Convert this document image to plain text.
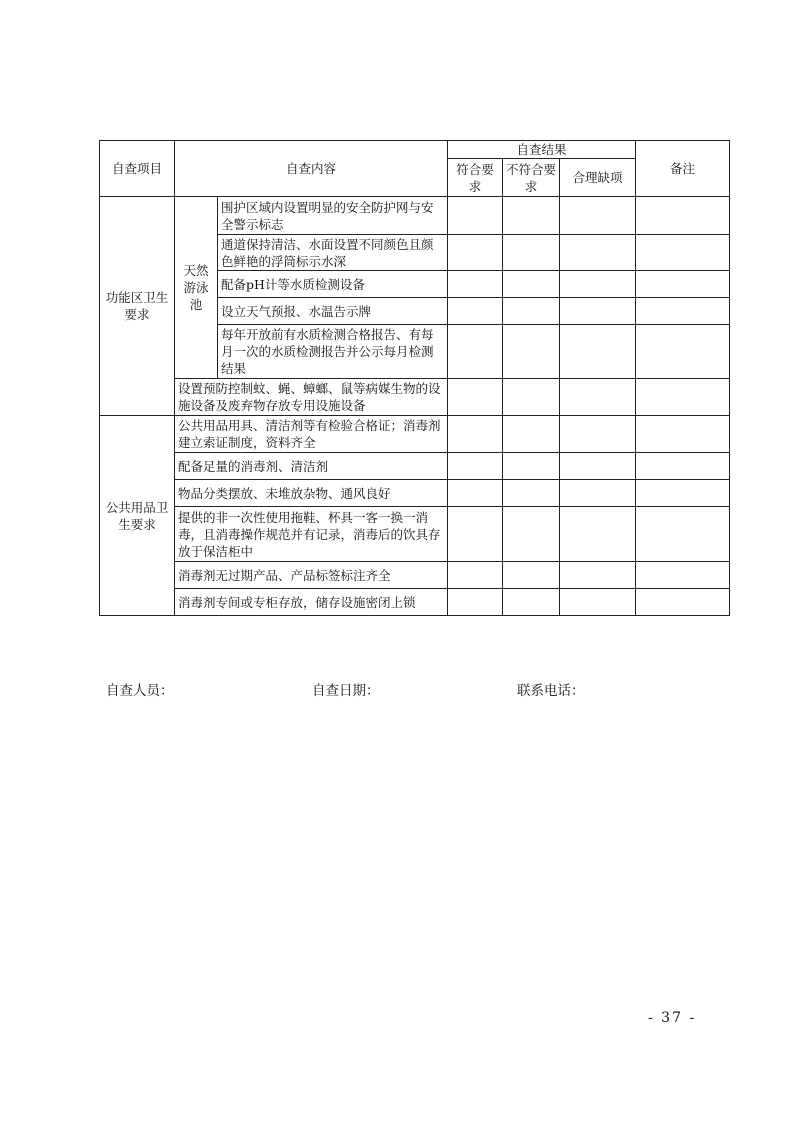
自查项目	自查内容		自查结果			备注
			符合要求	不符合要求	合理缺项	
功能区卫生要求	天然游泳池	围护区域内设置明显的安全防护网与安全警示标志				
		通道保持清洁、水面设置不同颜色且颜色鲜艳的浮筒标示水深				
		配备pH计等水质检测设备				
		设立天气预报、水温告示牌				
		每年开放前有水质检测合格报告、有每月一次的水质检测报告并公示每月检测结果				
	设置预防控制蚊、蝇、蟑螂、鼠等病媒生物的设施设备及废弃物存放专用设施设备					
公共用品卫生要求	公共用品用具、清洁剂等有检验合格证；消毒剂建立索证制度，资料齐全					
	配备足量的消毒剂、清洁剂					
	物品分类摆放、未堆放杂物、通风良好					
	提供的非一次性使用拖鞋、杯具一客一换一消毒，且消毒操作规范并有记录，消毒后的饮具存放于保洁柜中					
	消毒剂无过期产品、产品标签标注齐全					
	消毒剂专间或专柜存放，储存设施密闭上锁					
自查人员：	自查日期：	联系电话：
- 37 -
